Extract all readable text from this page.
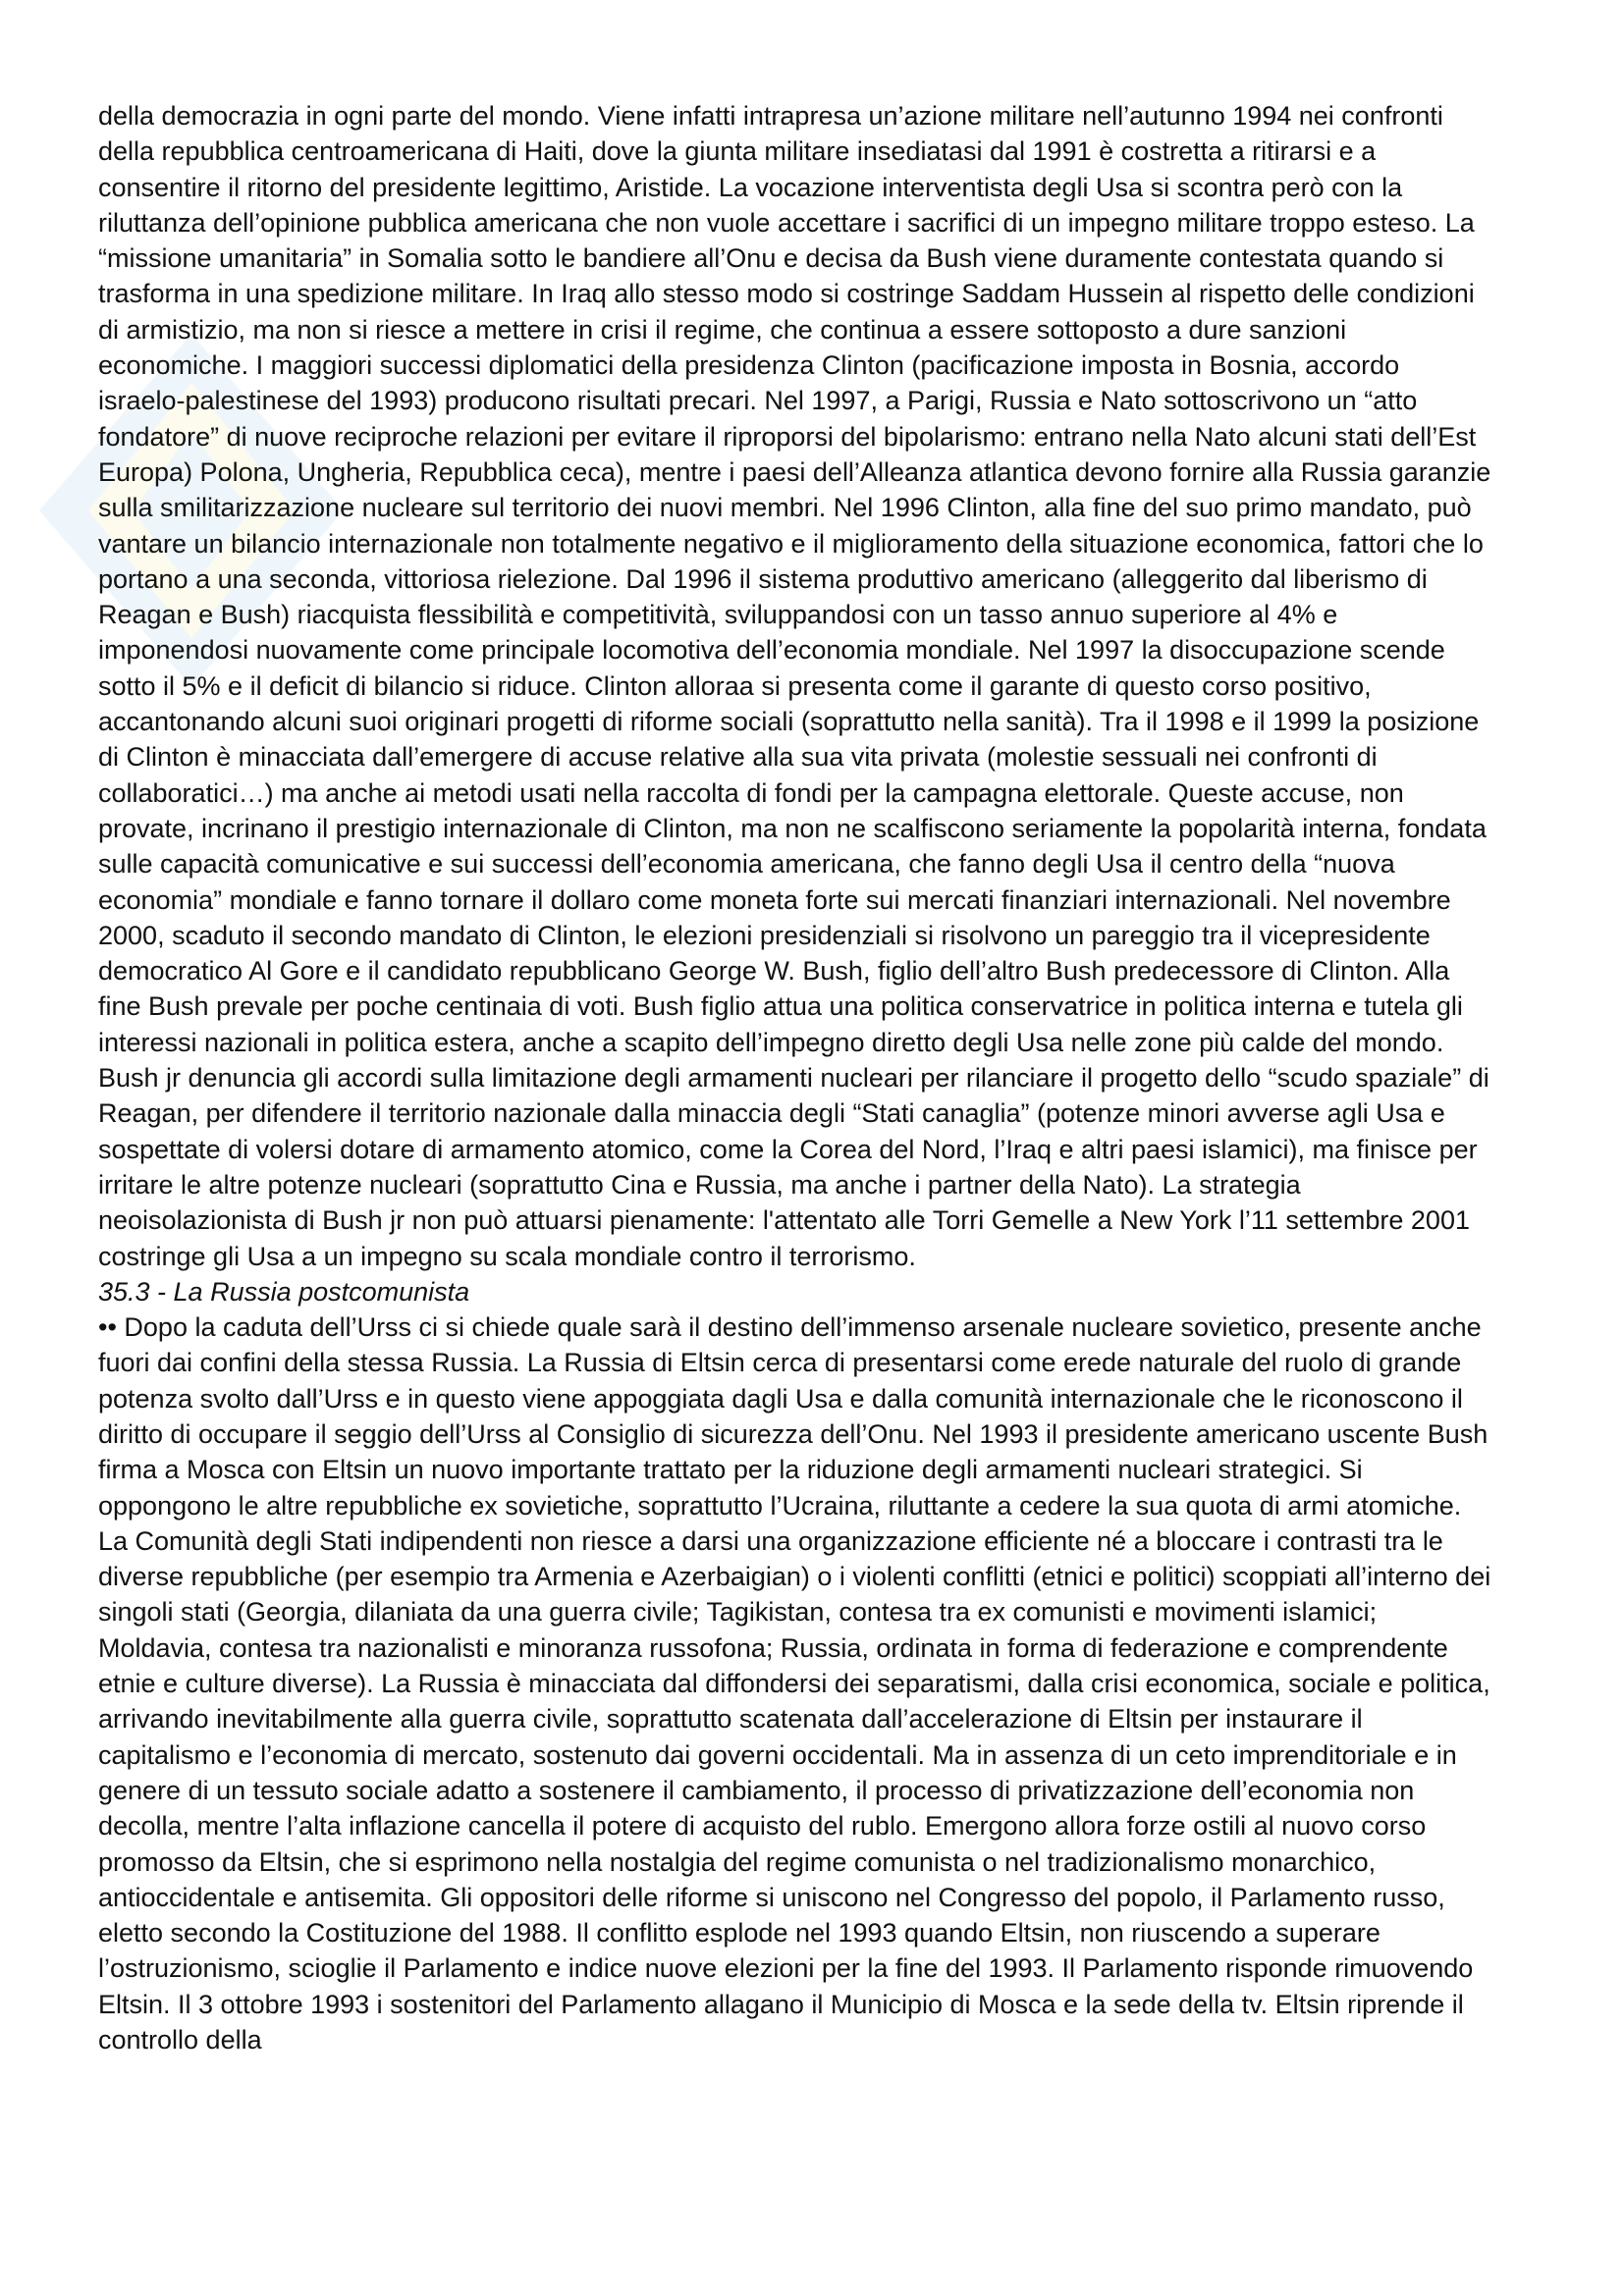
della democrazia in ogni parte del mondo. Viene infatti intrapresa un’azione militare nell’autunno 1994 nei confronti della repubblica centroamericana di Haiti, dove la giunta militare insediatasi dal 1991 è costretta a ritirarsi e a consentire il ritorno del presidente legittimo, Aristide. La vocazione interventista degli Usa si scontra però con la riluttanza dell’opinione pubblica americana che non vuole accettare i sacrifici di un impegno militare troppo esteso. La “missione umanitaria” in Somalia sotto le bandiere all’Onu e decisa da Bush viene duramente contestata quando si trasforma in una spedizione militare. In Iraq allo stesso modo si costringe Saddam Hussein al rispetto delle condizioni di armistizio, ma non si riesce a mettere in crisi il regime, che continua a essere sottoposto a dure sanzioni economiche. I maggiori successi diplomatici della presidenza Clinton (pacificazione imposta in Bosnia, accordo israelo-palestinese del 1993) producono risultati precari. Nel 1997, a Parigi, Russia e Nato sottoscrivono un “atto fondatore” di nuove reciproche relazioni per evitare il riproporsi del bipolarismo: entrano nella Nato alcuni stati dell’Est Europa) Polona, Ungheria, Repubblica ceca), mentre i paesi dell’Alleanza atlantica devono fornire alla Russia garanzie sulla smilitarizzazione nucleare sul territorio dei nuovi membri. Nel 1996 Clinton, alla fine del suo primo mandato, può vantare un bilancio internazionale non totalmente negativo e il miglioramento della situazione economica, fattori che lo portano a una seconda, vittoriosa rielezione. Dal 1996 il sistema produttivo americano (alleggerito dal liberismo di Reagan e Bush) riacquista flessibilità e competitività, sviluppandosi con un tasso annuo superiore al 4% e imponendosi nuovamente come principale locomotiva dell’economia mondiale. Nel 1997 la disoccupazione scende sotto il 5% e il deficit di bilancio si riduce. Clinton alloraa si presenta come il garante di questo corso positivo, accantonando alcuni suoi originari progetti di riforme sociali (soprattutto nella sanità). Tra il 1998 e il 1999 la posizione di Clinton è minacciata dall’emergere di accuse relative alla sua vita privata (molestie sessuali nei confronti di collaboratici…) ma anche ai metodi usati nella raccolta di fondi per la campagna elettorale. Queste accuse, non provate, incrinano il prestigio internazionale di Clinton, ma non ne scalfiscono seriamente la popolarità interna, fondata sulle capacità comunicative e sui successi dell’economia americana, che fanno degli Usa il centro della “nuova economia” mondiale e fanno tornare il dollaro come moneta forte sui mercati finanziari internazionali. Nel novembre 2000, scaduto il secondo mandato di Clinton, le elezioni presidenziali si risolvono un pareggio tra il vicepresidente democratico Al Gore e il candidato repubblicano George W. Bush, figlio dell’altro Bush predecessore di Clinton. Alla fine Bush prevale per poche centinaia di voti. Bush figlio attua una politica conservatrice in politica interna e tutela gli interessi nazionali in politica estera, anche a scapito dell’impegno diretto degli Usa nelle zone più calde del mondo. Bush jr denuncia gli accordi sulla limitazione degli armamenti nucleari per rilanciare il progetto dello “scudo spaziale” di Reagan, per difendere il territorio nazionale dalla minaccia degli “Stati canaglia” (potenze minori avverse agli Usa e sospettate di volersi dotare di armamento atomico, come la Corea del Nord, l’Iraq e altri paesi islamici), ma finisce per irritare le altre potenze nucleari (soprattutto Cina e Russia, ma anche i partner della Nato). La strategia neoisolazionista di Bush jr non può attuarsi pienamente: l'attentato alle Torri Gemelle a New York l’11 settembre 2001 costringe gli Usa a un impegno su scala mondiale contro il terrorismo.

35.3 - La Russia postcomunista

•• Dopo la caduta dell’Urss ci si chiede quale sarà il destino dell’immenso arsenale nucleare sovietico, presente anche fuori dai confini della stessa Russia. La Russia di Eltsin cerca di presentarsi come erede naturale del ruolo di grande potenza svolto dall’Urss e in questo viene appoggiata dagli Usa e dalla comunità internazionale che le riconoscono il diritto di occupare il seggio dell’Urss al Consiglio di sicurezza dell’Onu. Nel 1993 il presidente americano uscente Bush firma a Mosca con Eltsin un nuovo importante trattato per la riduzione degli armamenti nucleari strategici. Si oppongono le altre repubbliche ex sovietiche, soprattutto l’Ucraina, riluttante a cedere la sua quota di armi atomiche. La Comunità degli Stati indipendenti non riesce a darsi una organizzazione efficiente né a bloccare i contrasti tra le diverse repubbliche (per esempio tra Armenia e Azerbaigian) o i violenti conflitti (etnici e politici) scoppiati all’interno dei singoli stati (Georgia, dilaniata da una guerra civile; Tagikistan, contesa tra ex comunisti e movimenti islamici; Moldavia, contesa tra nazionalisti e minoranza russofona; Russia, ordinata in forma di federazione e comprendente etnie e culture diverse). La Russia è minacciata dal diffondersi dei separatismi, dalla crisi economica, sociale e politica, arrivando inevitabilmente alla guerra civile, soprattutto scatenata dall’accelerazione di Eltsin per instaurare il capitalismo e l’economia di mercato, sostenuto dai governi occidentali. Ma in assenza di un ceto imprenditoriale e in genere di un tessuto sociale adatto a sostenere il cambiamento, il processo di privatizzazione dell’economia non decolla, mentre l’alta inflazione cancella il potere di acquisto del rublo. Emergono allora forze ostili al nuovo corso promosso da Eltsin, che si esprimono nella nostalgia del regime comunista o nel tradizionalismo monarchico, antioccidentale e antisemita. Gli oppositori delle riforme si uniscono nel Congresso del popolo, il Parlamento russo, eletto secondo la Costituzione del 1988. Il conflitto esplode nel 1993 quando Eltsin, non riuscendo a superare l’ostruzionismo, scioglie il Parlamento e indice nuove elezioni per la fine del 1993. Il Parlamento risponde rimuovendo Eltsin. Il 3 ottobre 1993 i sostenitori del Parlamento allagano il Municipio di Mosca e la sede della tv. Eltsin riprende il controllo della
